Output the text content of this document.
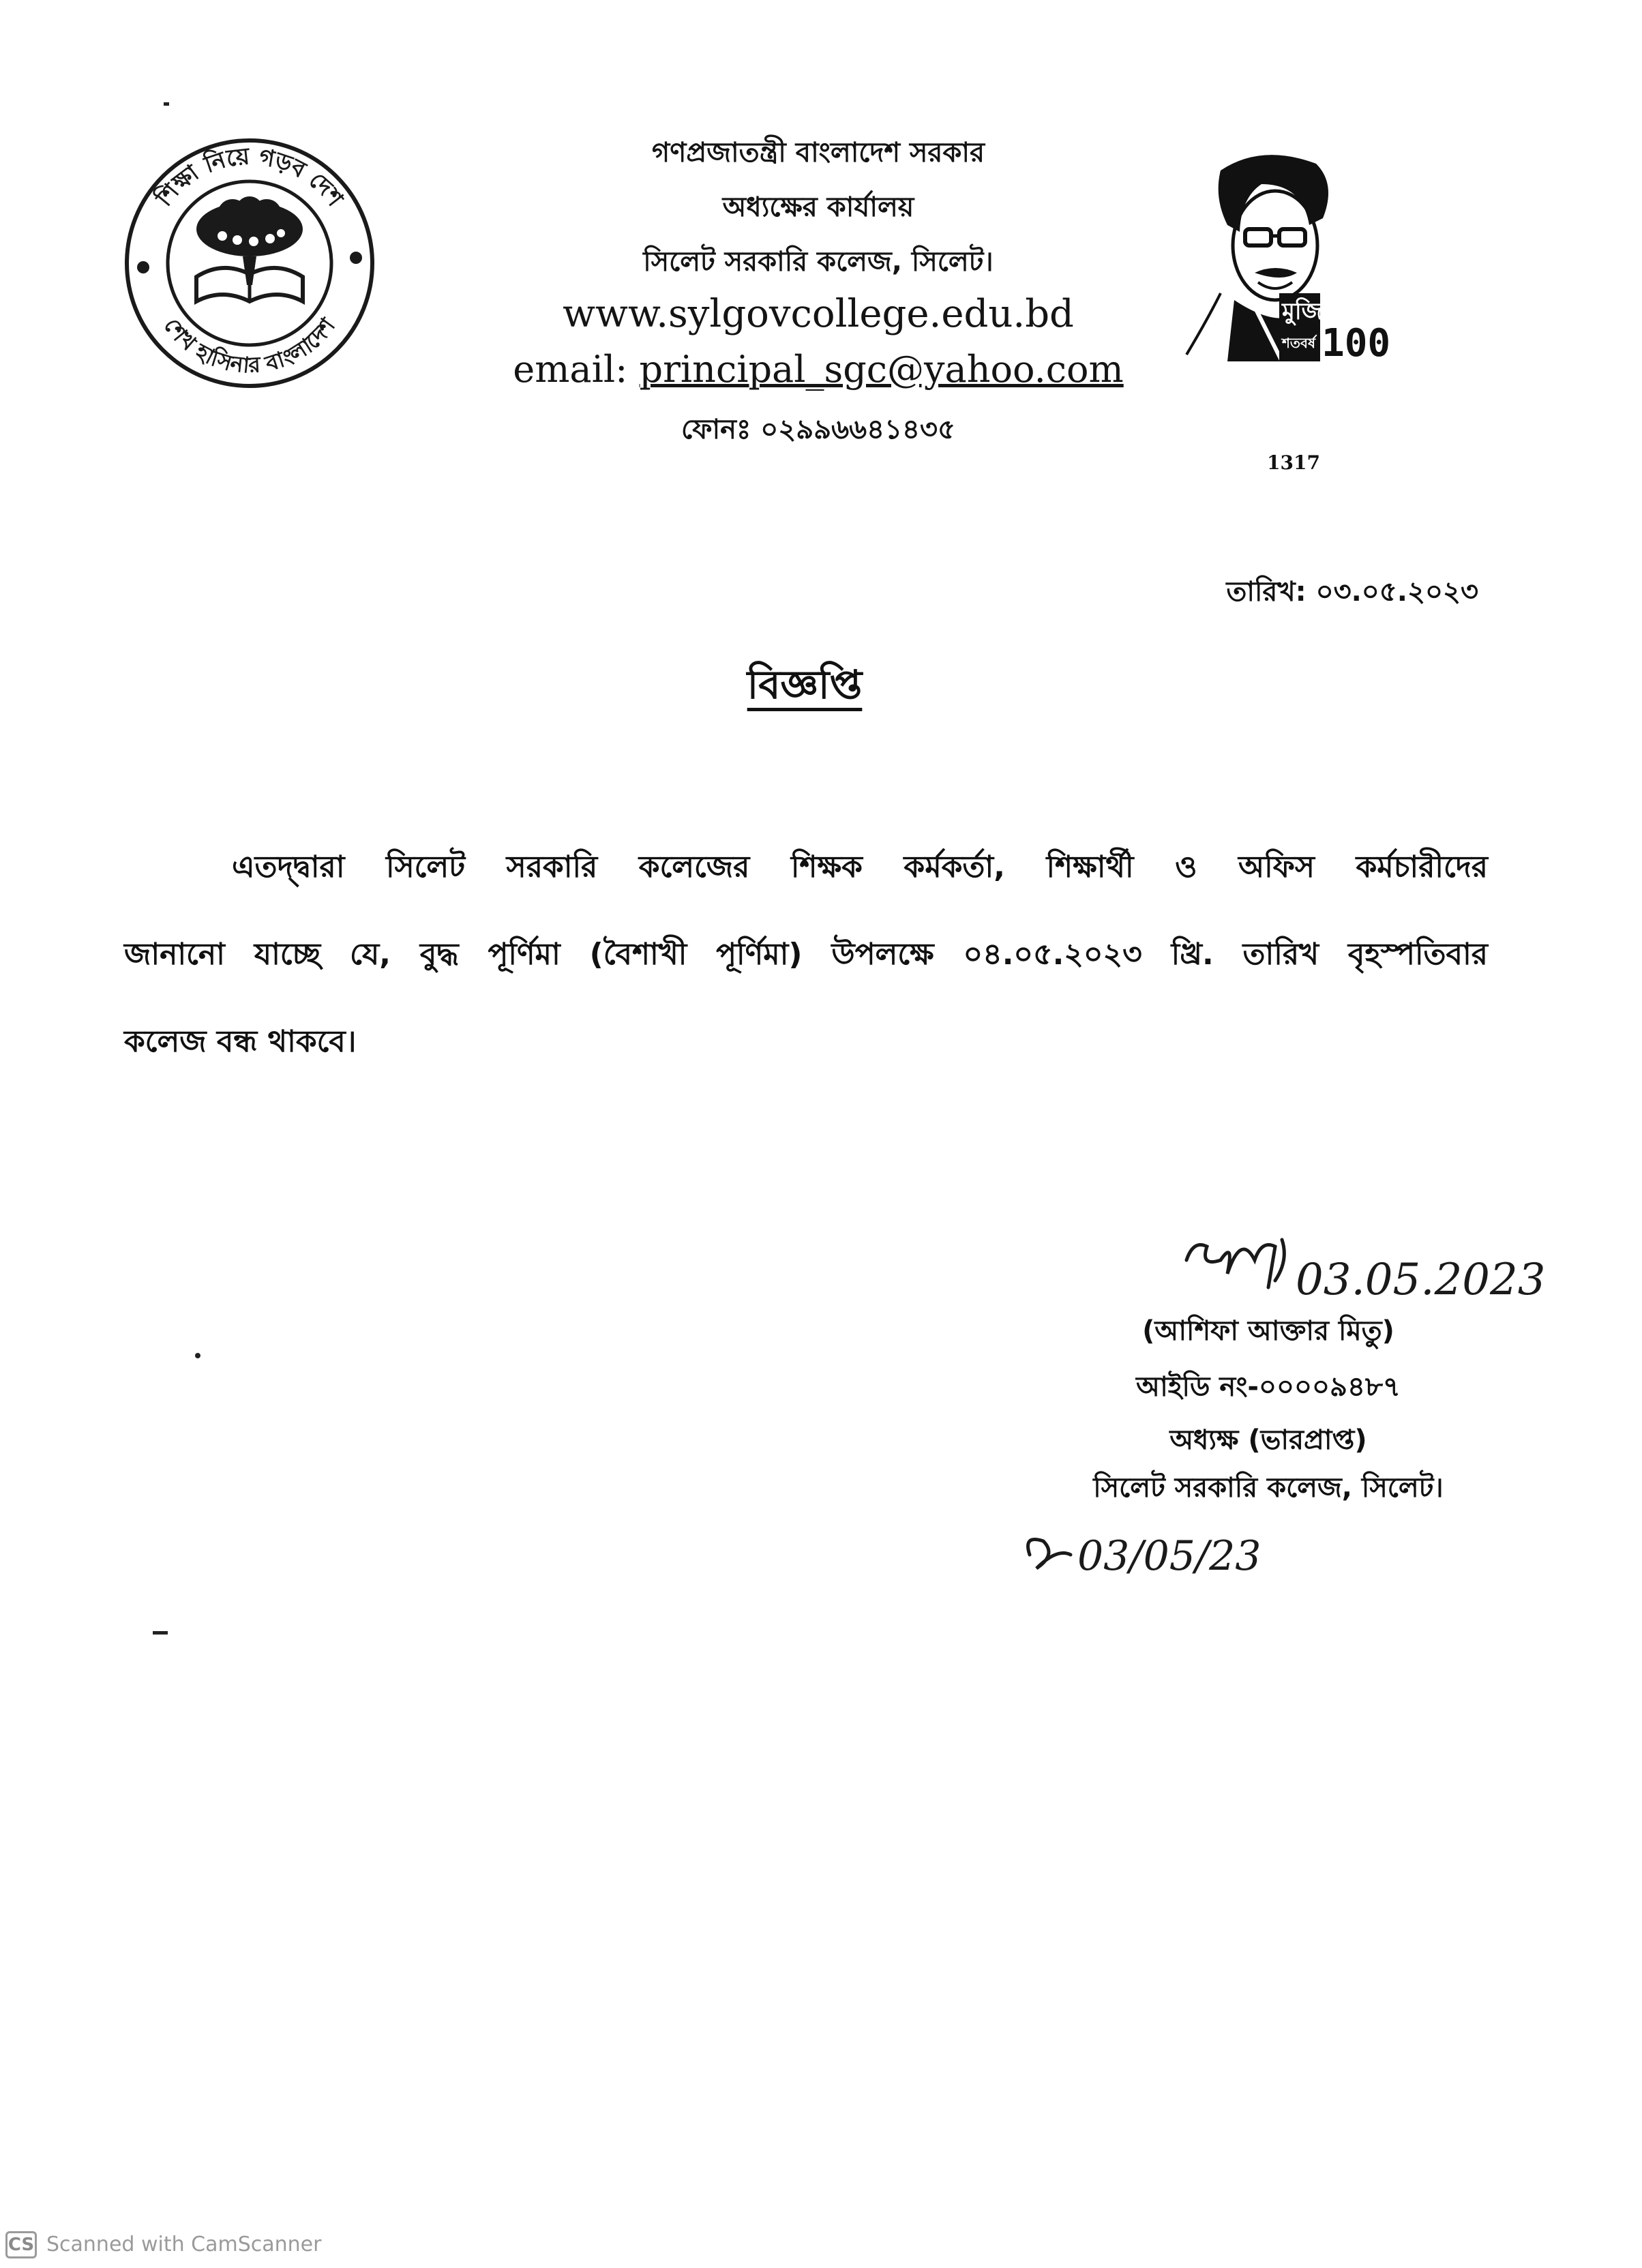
শিক্ষা নিয়ে গড়ব দেশ
শেখ হাসিনার বাংলাদেশ
গণপ্রজাতন্ত্রী বাংলাদেশ সরকার
অধ্যক্ষের কার্যালয়
সিলেট সরকারি কলেজ, সিলেট।
www.sylgovcollege.edu.bd
email: principal_sgc@yahoo.com
ফোনঃ ০২৯৯৬৬৪১৪৩৫
মুজিব
শতবর্ষ 100
1317
তারিখ: ০৩.০৫.২০২৩
বিজ্ঞপ্তি

এতদ্দ্বারা সিলেট সরকারি কলেজের শিক্ষক কর্মকর্তা, শিক্ষার্থী ও অফিস কর্মচারীদের

জানানো যাচ্ছে যে, বুদ্ধ পূর্ণিমা (বৈশাখী পূর্ণিমা) উপলক্ষে ০৪.০৫.২০২৩ খ্রি. তারিখ বৃহস্পতিবার

কলেজ বন্ধ থাকবে।

03.05.2023
(আশিফা আক্তার মিতু)
আইডি নং-০০০০৯৪৮৭
অধ্যক্ষ (ভারপ্রাপ্ত)
সিলেট সরকারি কলেজ, সিলেট।
03/05/23
CS Scanned with CamScanner
